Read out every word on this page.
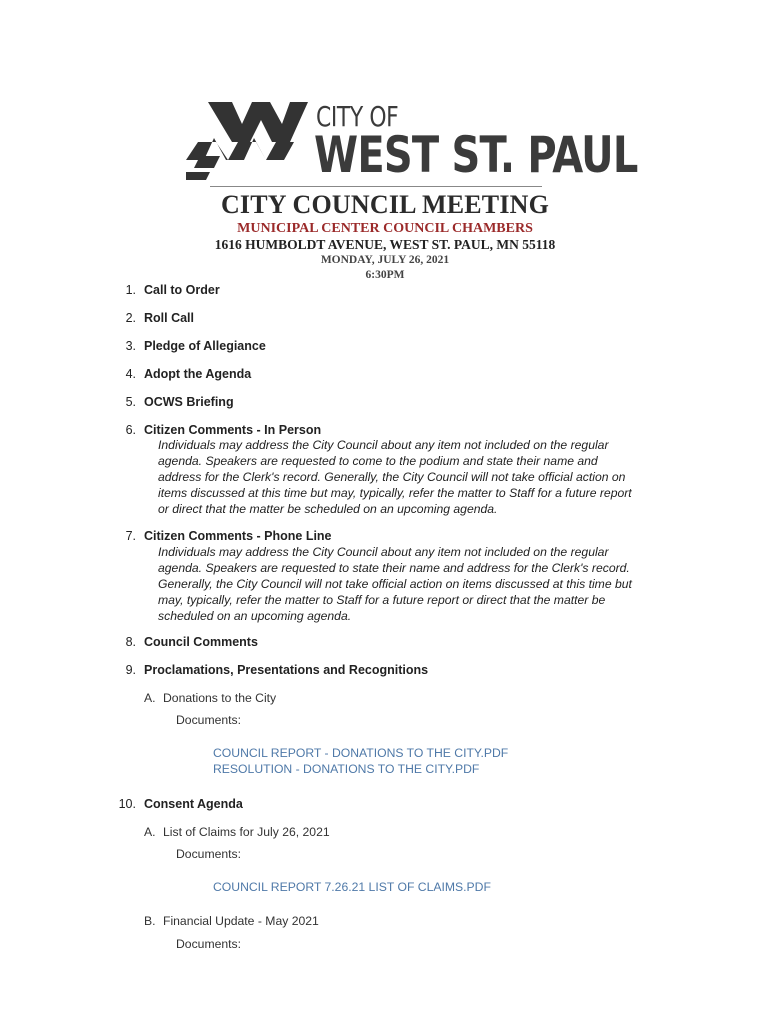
CITY OF
WEST ST. PAUL
CITY COUNCIL MEETING
MUNICIPAL CENTER COUNCIL CHAMBERS
1616 HUMBOLDT AVENUE, WEST ST. PAUL, MN 55118
MONDAY, JULY 26, 2021
6:30PM
1. Call to Order
2. Roll Call
3. Pledge of Allegiance
4. Adopt the Agenda
5. OCWS Briefing
6. Citizen Comments - In Person
Individuals may address the City Council about any item not included on the regular
agenda. Speakers are requested to come to the podium and state their name and
address for the Clerk's record. Generally, the City Council will not take official action on
items discussed at this time but may, typically, refer the matter to Staff for a future report
or direct that the matter be scheduled on an upcoming agenda.
7. Citizen Comments - Phone Line
Individuals may address the City Council about any item not included on the regular
agenda. Speakers are requested to state their name and address for the Clerk's record.
Generally, the City Council will not take official action on items discussed at this time but
may, typically, refer the matter to Staff for a future report or direct that the matter be
scheduled on an upcoming agenda.
8. Council Comments
9. Proclamations, Presentations and Recognitions
A. Donations to the City
Documents:
COUNCIL REPORT - DONATIONS TO THE CITY.PDF
RESOLUTION - DONATIONS TO THE CITY.PDF
10. Consent Agenda
A. List of Claims for July 26, 2021
Documents:
COUNCIL REPORT 7.26.21 LIST OF CLAIMS.PDF
B. Financial Update - May 2021
Documents:
